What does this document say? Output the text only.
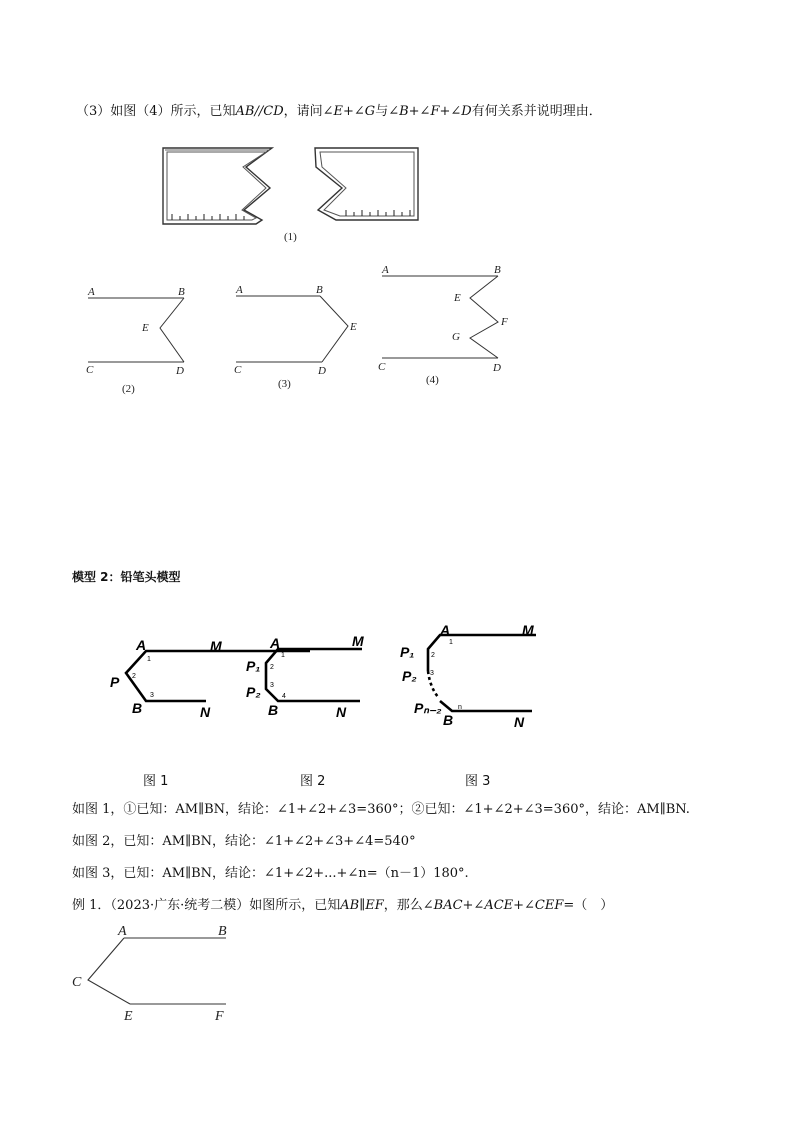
（3）如图（4）所示，已知AB//CD，请问∠E+∠G与∠B+∠F+∠D有何关系并说明理由．
(1)
A	B
E
C	D
(2)
A	B
E
C	D
(3)
A	B
E
F
G
C	D
(4)
模型 2：铅笔头模型
A	M
P
B	N
1
2
3
A	M
P₁
P₂
B	N
1
2
3
4
A	M
P₁
P₂
Pₙ₋₂
B	N
1
2
3
n
图 1	图 2	图 3
如图 1，①已知：AM∥BN，结论：∠1+∠2+∠3=360°；②已知：∠1+∠2+∠3=360°，结论：AM∥BN.
如图 2，已知：AM∥BN，结论：∠1+∠2+∠3+∠4=540°
如图 3，已知：AM∥BN，结论：∠1+∠2+...+∠n=（n－1）180°.
例 1．（2023·广东·统考二模）如图所示，已知AB∥EF，那么∠BAC+∠ACE+∠CEF=（　）
A	B
C
E	F
